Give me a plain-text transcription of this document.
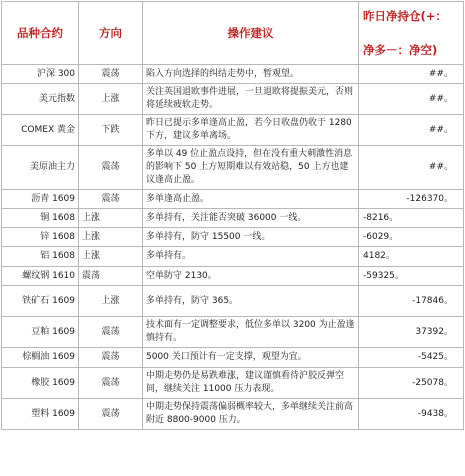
品种合约	方向	操作建议	昨日净持仓(+：

净多－：净空)
沪深 300	震荡	陷入方向选择的纠结走势中，暂观望。	##。
美元指数	上涨	关注英国退欧事件进展，一旦退欧将提振美元，否则将延续疲软走势。	##。
COMEX 黄金	下跌	昨日已提示多单逢高止盈，若今日收盘仍收于 1280 下方，建议多单离场。	##。
美原油主力	震荡	多单以 49 位止盈点设持，但在没有重大刺激性消息的影响下 50 上方短期难以有效站稳，50 上方也建议逢高止盈。	##。
沥青 1609	震荡	多单逢高止盈。	-126370。
铜 1608	上涨	多单持有，关注能否突破 36000 一线。	-8216。
锌 1608	上涨	多单持有，防守 15500 一线。	-6029。
铝 1608	上涨	多单持有。	4182。
螺纹钢 1610	震荡	空单防守 2130。	-59325。
铁矿石 1609	上涨	多单持有，防守 365。	-17846。
豆粕 1609	震荡	技术面有一定调整要求，低位多单以 3200 为止盈逢慎持有。	37392。
棕榈油 1609	震荡	5000 关口预计有一定支撑，观望为宜。	-5425。
橡胶 1609	震荡	中期走势仍是易跌难涨，建议谨慎看待沪胶反弹空间，继续关注 11000 压力表现。	-25078。
塑料 1609	震荡	中期走势保持震荡偏弱概率较大，多单继续关注前高附近 8800-9000 压力。	-9438。
